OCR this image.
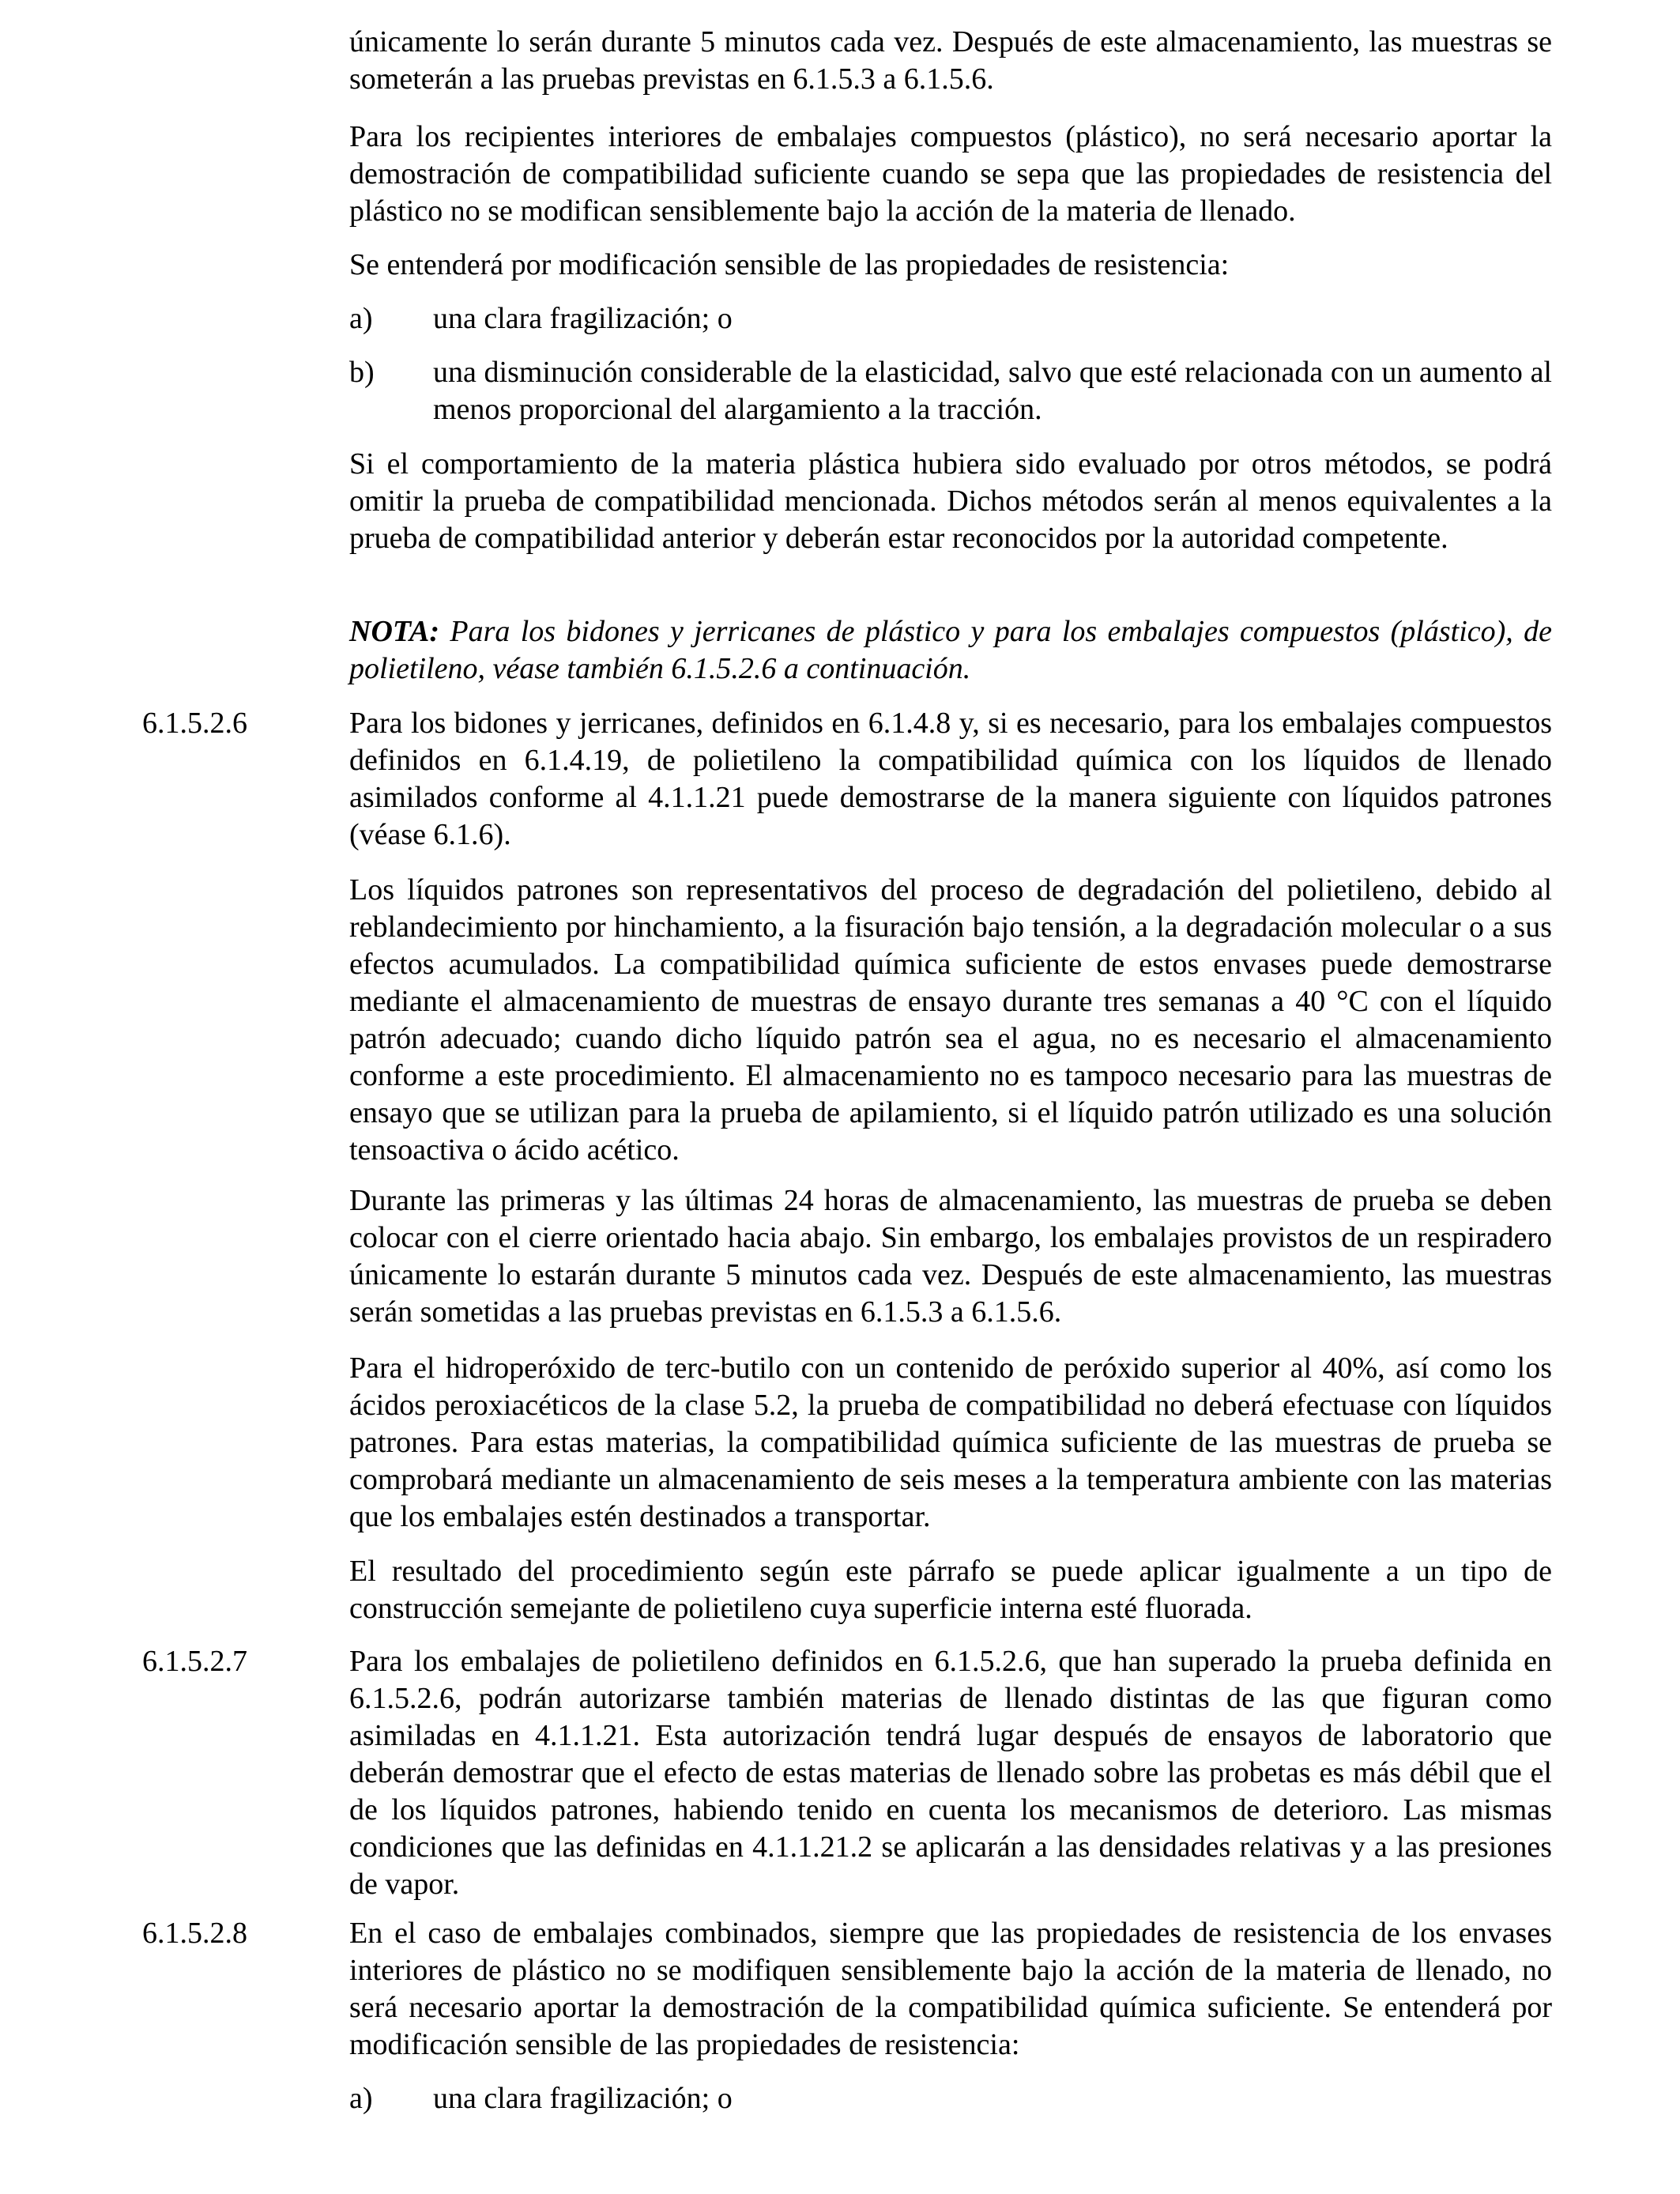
únicamente lo serán durante 5 minutos cada vez. Después de este almacenamiento, las muestras se someterán a las pruebas previstas en 6.1.5.3 a 6.1.5.6.

Para los recipientes interiores de embalajes compuestos (plástico), no será necesario aportar la demostración de compatibilidad suficiente cuando se sepa que las propiedades de resistencia del plástico no se modifican sensiblemente bajo la acción de la materia de llenado.

Se entenderá por modificación sensible de las propiedades de resistencia:

a) una clara fragilización; o
b) una disminución considerable de la elasticidad, salvo que esté relacionada con un aumento al menos proporcional del alargamiento a la tracción.

Si el comportamiento de la materia plástica hubiera sido evaluado por otros métodos, se podrá omitir la prueba de compatibilidad mencionada. Dichos métodos serán al menos equivalentes a la prueba de compatibilidad anterior y deberán estar reconocidos por la autoridad competente.

NOTA: Para los bidones y jerricanes de plástico y para los embalajes compuestos (plástico), de polietileno, véase también 6.1.5.2.6 a continuación.

6.1.5.2.6	Para los bidones y jerricanes, definidos en 6.1.4.8 y, si es necesario, para los embalajes compuestos definidos en 6.1.4.19, de polietileno la compatibilidad química con los líquidos de llenado asimilados conforme al 4.1.1.21 puede demostrarse de la manera siguiente con líquidos patrones (véase 6.1.6).

Los líquidos patrones son representativos del proceso de degradación del polietileno, debido al reblandecimiento por hinchamiento, a la fisuración bajo tensión, a la degradación molecular o a sus efectos acumulados. La compatibilidad química suficiente de estos envases puede demostrarse mediante el almacenamiento de muestras de ensayo durante tres semanas a 40 °C con el líquido patrón adecuado; cuando dicho líquido patrón sea el agua, no es necesario el almacenamiento conforme a este procedimiento. El almacenamiento no es tampoco necesario para las muestras de ensayo que se utilizan para la prueba de apilamiento, si el líquido patrón utilizado es una solución tensoactiva o ácido acético.

Durante las primeras y las últimas 24 horas de almacenamiento, las muestras de prueba se deben colocar con el cierre orientado hacia abajo. Sin embargo, los embalajes provistos de un respiradero únicamente lo estarán durante 5 minutos cada vez. Después de este almacenamiento, las muestras serán sometidas a las pruebas previstas en 6.1.5.3 a 6.1.5.6.

Para el hidroperóxido de terc-butilo con un contenido de peróxido superior al 40%, así como los ácidos peroxiacéticos de la clase 5.2, la prueba de compatibilidad no deberá efectuase con líquidos patrones. Para estas materias, la compatibilidad química suficiente de las muestras de prueba se comprobará mediante un almacenamiento de seis meses a la temperatura ambiente con las materias que los embalajes estén destinados a transportar.

El resultado del procedimiento según este párrafo se puede aplicar igualmente a un tipo de construcción semejante de polietileno cuya superficie interna esté fluorada.

6.1.5.2.7	Para los embalajes de polietileno definidos en 6.1.5.2.6, que han superado la prueba definida en 6.1.5.2.6, podrán autorizarse también materias de llenado distintas de las que figuran como asimiladas en 4.1.1.21. Esta autorización tendrá lugar después de ensayos de laboratorio que deberán demostrar que el efecto de estas materias de llenado sobre las probetas es más débil que el de los líquidos patrones, habiendo tenido en cuenta los mecanismos de deterioro. Las mismas condiciones que las definidas en 4.1.1.21.2 se aplicarán a las densidades relativas y a las presiones de vapor.

6.1.5.2.8	En el caso de embalajes combinados, siempre que las propiedades de resistencia de los envases interiores de plástico no se modifiquen sensiblemente bajo la acción de la materia de llenado, no será necesario aportar la demostración de la compatibilidad química suficiente. Se entenderá por modificación sensible de las propiedades de resistencia:

a) una clara fragilización; o
